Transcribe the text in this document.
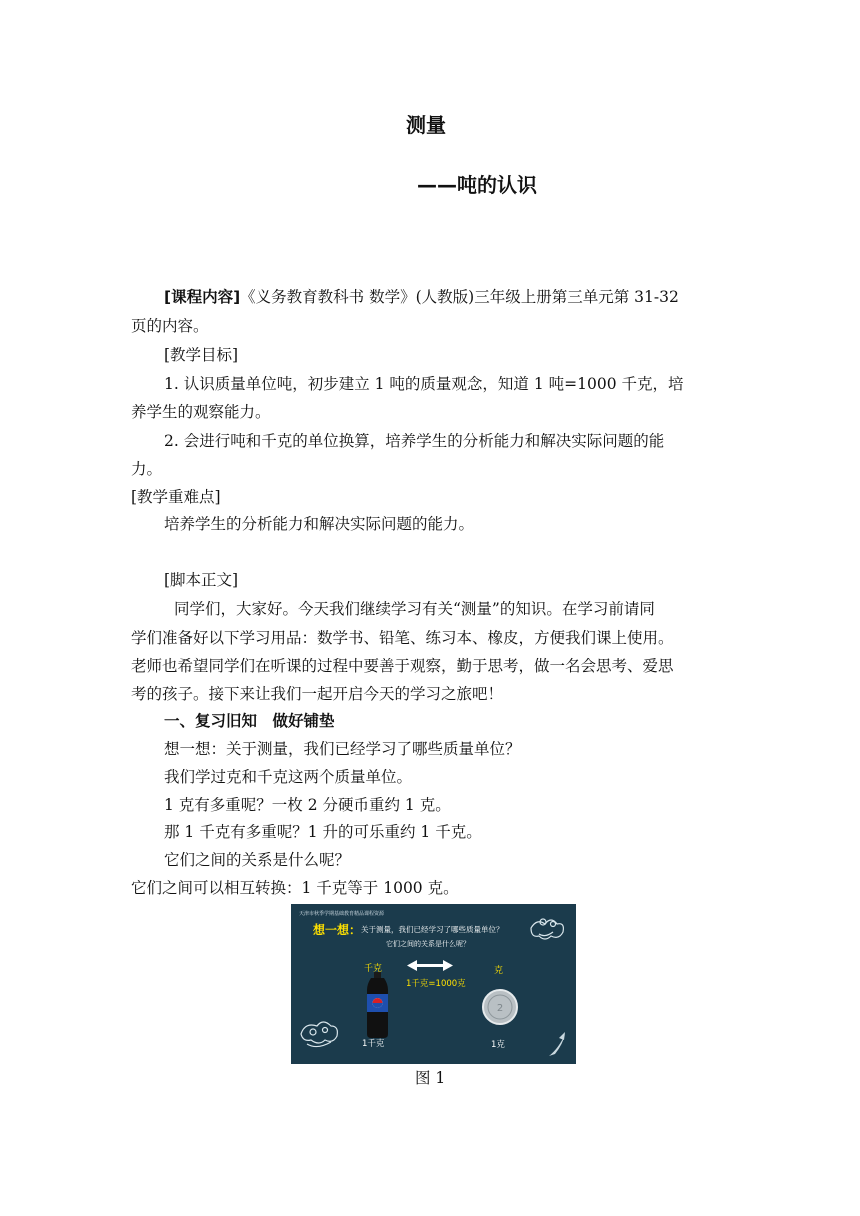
测量
——吨的认识
[课程内容]《义务教育教科书 数学》(人教版)三年级上册第三单元第 31-32
页的内容。
[教学目标]
1. 认识质量单位吨，初步建立 1 吨的质量观念，知道 1 吨=1000 千克，培
养学生的观察能力。
2. 会进行吨和千克的单位换算，培养学生的分析能力和解决实际问题的能
力。
[教学重难点]
培养学生的分析能力和解决实际问题的能力。
[脚本正文]
同学们，大家好。今天我们继续学习有关“测量”的知识。在学习前请同
学们准备好以下学习用品：数学书、铅笔、练习本、橡皮，方便我们课上使用。
老师也希望同学们在听课的过程中要善于观察，勤于思考，做一名会思考、爱思
考的孩子。接下来让我们一起开启今天的学习之旅吧！
一、复习旧知　做好铺垫
想一想：关于测量，我们已经学习了哪些质量单位？
我们学过克和千克这两个质量单位。
1 克有多重呢？一枚 2 分硬币重约 1 克。
那 1 千克有多重呢？1 升的可乐重约 1 千克。
它们之间的关系是什么呢？
它们之间可以相互转换：1 千克等于 1000 克。
2
天津市秋季学期基础教育精品课程资源
想一想： 关于测量，我们已经学习了哪些质量单位？
它们之间的关系是什么呢？
千克	克
1千克=1000克
1千克	1克
图 1
